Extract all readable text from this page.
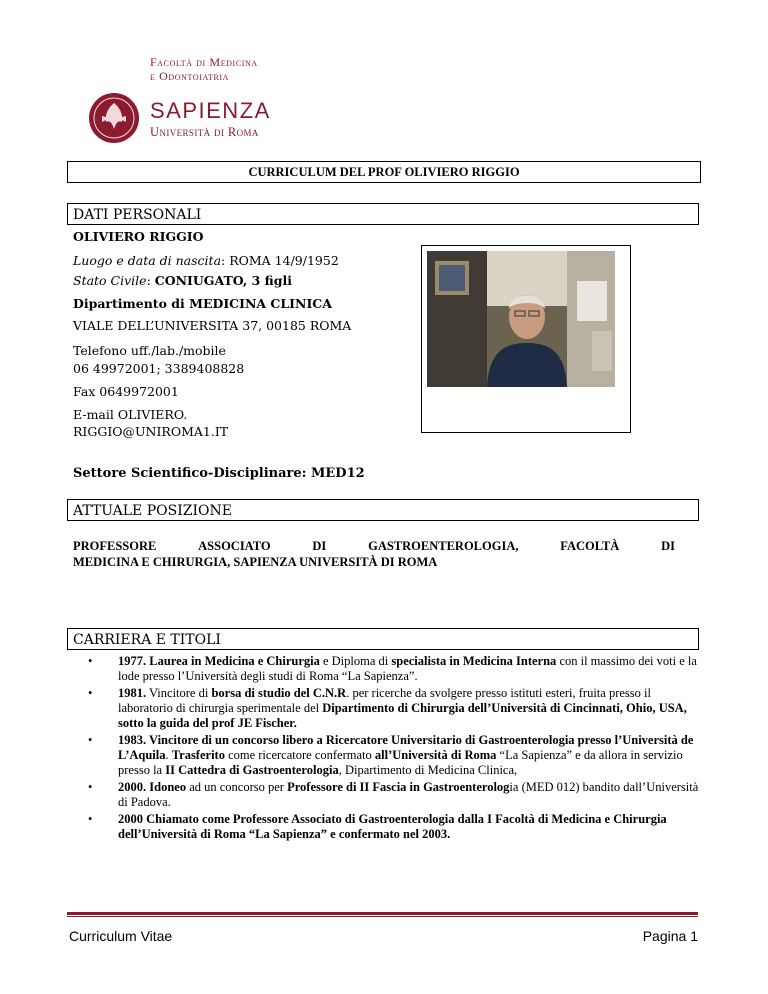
Facoltà di Medicina
e Odontoiatria
SAPIENZA
Università di Roma
CURRICULUM DEL PROF OLIVIERO RIGGIO
DATI PERSONALI
OLIVIERO RIGGIO
Luogo e data di nascita: ROMA 14/9/1952
Stato Civile: CONIUGATO, 3 figli
Dipartimento di MEDICINA CLINICA
VIALE DELL’UNIVERSITA 37, 00185 ROMA
Telefono uff./lab./mobile
06 49972001; 3389408828
Fax 0649972001
E-mail OLIVIERO.
RIGGIO@UNIROMA1.IT
Settore Scientifico-Disciplinare: MED12
ATTUALE POSIZIONE
PROFESSORE	ASSOCIATO	DI	GASTROENTEROLOGIA,	FACOLTÀ	DI
MEDICINA E CHIRURGIA, SAPIENZA UNIVERSITÀ DI ROMA
CARRIERA E TITOLI
• 1977. Laurea in Medicina e Chirurgia e Diploma di specialista in Medicina Interna con il massimo dei voti e la lode presso l’Università degli studi di Roma “La Sapienza”.
• 1981. Vincitore di borsa di studio del C.N.R. per ricerche da svolgere presso istituti esteri, fruita presso il laboratorio di chirurgia sperimentale del Dipartimento di Chirurgia dell’Università di Cincinnati, Ohio, USA, sotto la guida del prof JE Fischer.
• 1983. Vincitore di un concorso libero a Ricercatore Universitario di Gastroenterologia presso l’Università de L’Aquila. Trasferito come ricercatore confermato all’Università di Roma “La Sapienza” e da allora in servizio presso la II Cattedra di Gastroenterologia, Dipartimento di Medicina Clinica,
• 2000. Idoneo ad un concorso per Professore di II Fascia in Gastroenterologia (MED 012) bandito dall’Università di Padova.
• 2000 Chiamato come Professore Associato di Gastroenterologia dalla I Facoltà di Medicina e Chirurgia dell’Università di Roma “La Sapienza” e confermato nel 2003.
Curriculum Vitae	Pagina 1
